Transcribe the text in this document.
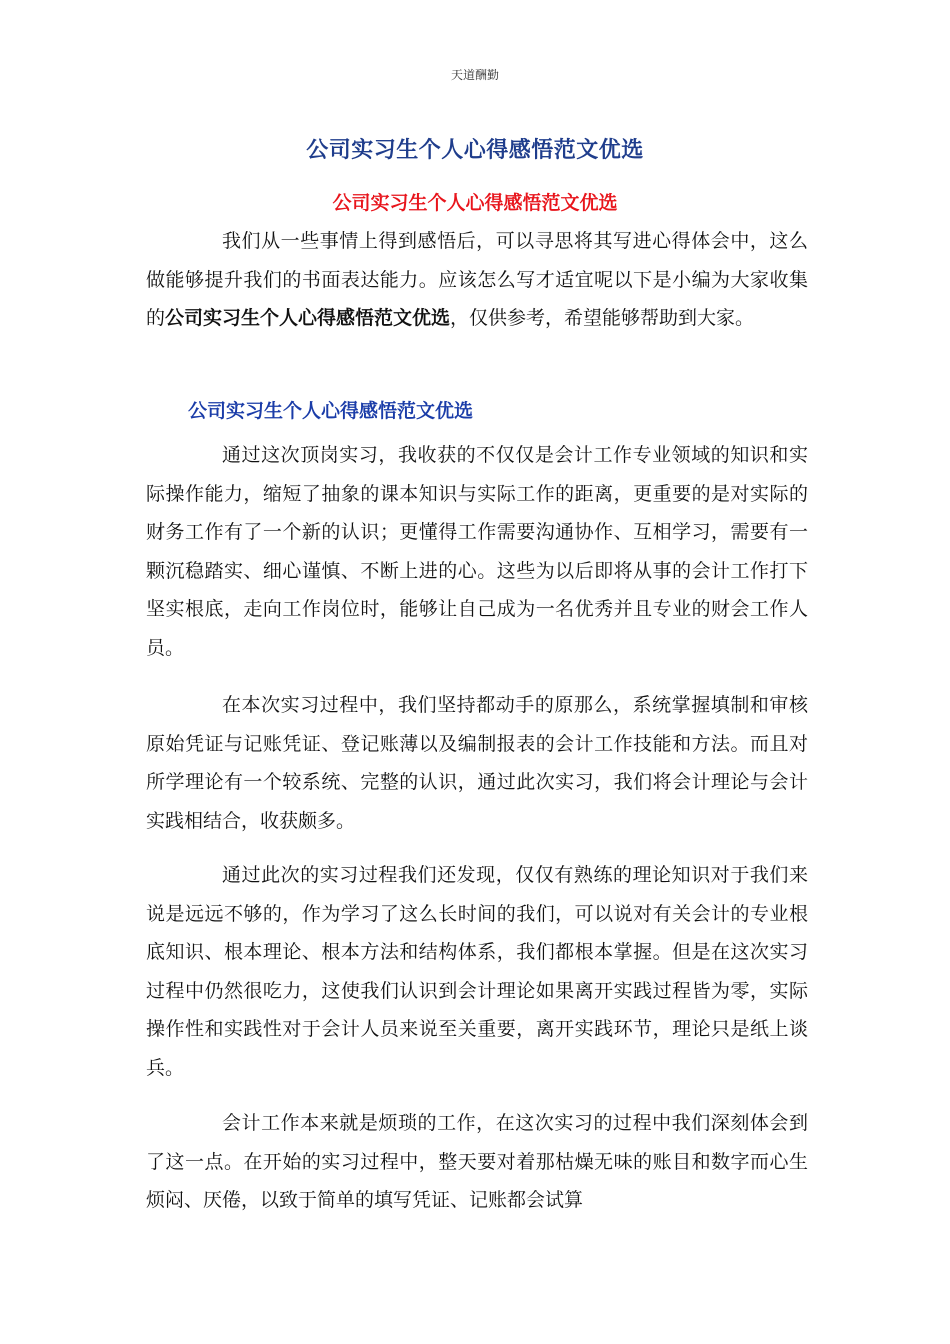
天道酬勤
公司实习生个人心得感悟范文优选
公司实习生个人心得感悟范文优选

我们从一些事情上得到感悟后，可以寻思将其写进心得体会中，这么做能够提升我们的书面表达能力。应该怎么写才适宜呢以下是小编为大家收集的公司实习生个人心得感悟范文优选，仅供参考，希望能够帮助到大家。

公司实习生个人心得感悟范文优选

通过这次顶岗实习，我收获的不仅仅是会计工作专业领域的知识和实际操作能力，缩短了抽象的课本知识与实际工作的距离，更重要的是对实际的财务工作有了一个新的认识；更懂得工作需要沟通协作、互相学习，需要有一颗沉稳踏实、细心谨慎、不断上进的心。这些为以后即将从事的会计工作打下坚实根底，走向工作岗位时，能够让自己成为一名优秀并且专业的财会工作人员。

在本次实习过程中，我们坚持都动手的原那么，系统掌握填制和审核原始凭证与记账凭证、登记账薄以及编制报表的会计工作技能和方法。而且对所学理论有一个较系统、完整的认识，通过此次实习，我们将会计理论与会计实践相结合，收获颇多。

通过此次的实习过程我们还发现，仅仅有熟练的理论知识对于我们来说是远远不够的，作为学习了这么长时间的我们，可以说对有关会计的专业根底知识、根本理论、根本方法和结构体系，我们都根本掌握。但是在这次实习过程中仍然很吃力，这使我们认识到会计理论如果离开实践过程皆为零，实际操作性和实践性对于会计人员来说至关重要，离开实践环节，理论只是纸上谈兵。

会计工作本来就是烦琐的工作，在这次实习的过程中我们深刻体会到了这一点。在开始的实习过程中，整天要对着那枯燥无味的账目和数字而心生烦闷、厌倦，以致于简单的填写凭证、记账都会试算
